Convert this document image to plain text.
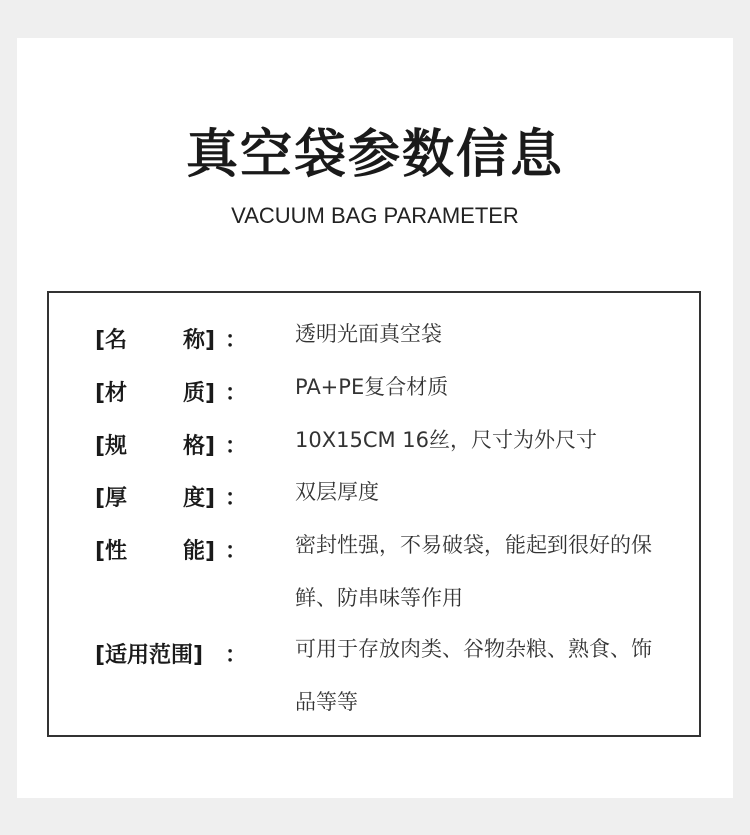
真空袋参数信息
VACUUM BAG PARAMETER
[名	称] ： 透明光面真空袋
[材	质] ： PA+PE复合材质
[规	格] ： 10X15CM 16丝，尺寸为外尺寸
[厚	度] ： 双层厚度
[性	能] ： 密封性强，不易破袋，能起到很好的保
鲜、防串味等作用
[适用范围] ： 可用于存放肉类、谷物杂粮、熟食、饰
品等等
